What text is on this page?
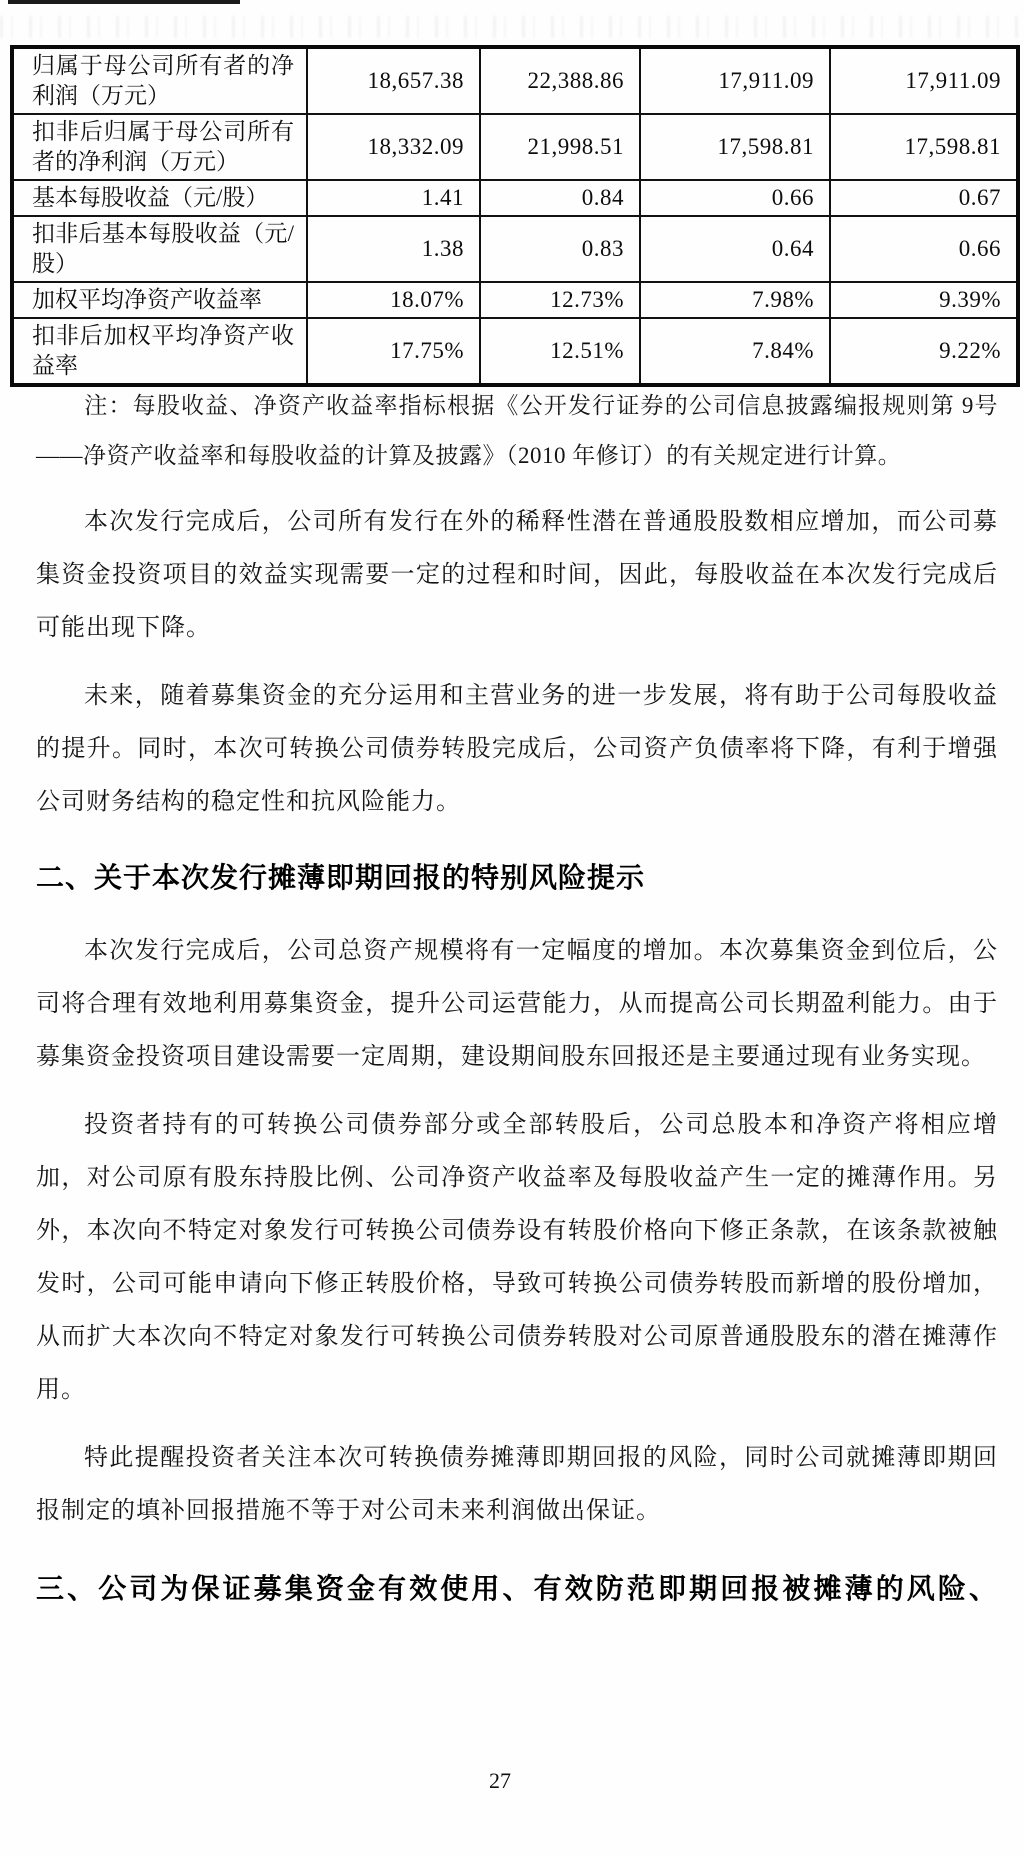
归属于母公司所有者的净利润（万元）	18,657.38	22,388.86	17,911.09	17,911.09
扣非后归属于母公司所有者的净利润（万元）	18,332.09	21,998.51	17,598.81	17,598.81
基本每股收益（元/股）	1.41	0.84	0.66	0.67
扣非后基本每股收益（元/股）	1.38	0.83	0.64	0.66
加权平均净资产收益率	18.07%	12.73%	7.98%	9.39%
扣非后加权平均净资产收益率	17.75%	12.51%	7.84%	9.22%

注：每股收益、净资产收益率指标根据《公开发行证券的公司信息披露编报规则第 9号——净资产收益率和每股收益的计算及披露》（2010 年修订）的有关规定进行计算。

本次发行完成后，公司所有发行在外的稀释性潜在普通股股数相应增加，而公司募集资金投资项目的效益实现需要一定的过程和时间，因此，每股收益在本次发行完成后可能出现下降。

未来，随着募集资金的充分运用和主营业务的进一步发展，将有助于公司每股收益的提升。同时，本次可转换公司债券转股完成后，公司资产负债率将下降，有利于增强公司财务结构的稳定性和抗风险能力。

二、关于本次发行摊薄即期回报的特别风险提示

本次发行完成后，公司总资产规模将有一定幅度的增加。本次募集资金到位后，公司将合理有效地利用募集资金，提升公司运营能力，从而提高公司长期盈利能力。由于募集资金投资项目建设需要一定周期，建设期间股东回报还是主要通过现有业务实现。

投资者持有的可转换公司债券部分或全部转股后，公司总股本和净资产将相应增加，对公司原有股东持股比例、公司净资产收益率及每股收益产生一定的摊薄作用。另外，本次向不特定对象发行可转换公司债券设有转股价格向下修正条款，在该条款被触发时，公司可能申请向下修正转股价格，导致可转换公司债券转股而新增的股份增加，从而扩大本次向不特定对象发行可转换公司债券转股对公司原普通股股东的潜在摊薄作用。

特此提醒投资者关注本次可转换债券摊薄即期回报的风险，同时公司就摊薄即期回报制定的填补回报措施不等于对公司未来利润做出保证。

三、公司为保证募集资金有效使用、有效防范即期回报被摊薄的风险、
27
